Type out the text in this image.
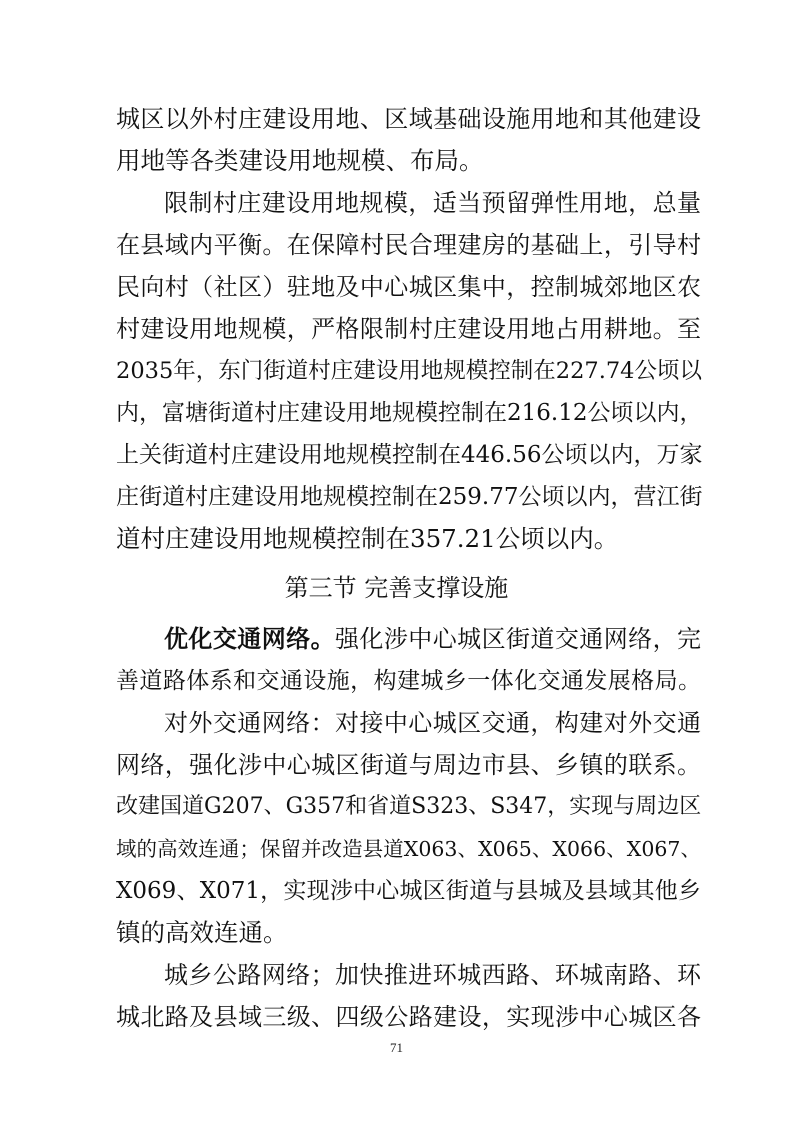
城区以外村庄建设用地、区域基础设施用地和其他建设
用地等各类建设用地规模、布局。
限制村庄建设用地规模，适当预留弹性用地，总量
在县域内平衡。在保障村民合理建房的基础上，引导村
民向村（社区）驻地及中心城区集中，控制城郊地区农
村建设用地规模，严格限制村庄建设用地占用耕地。至
2035年，东门街道村庄建设用地规模控制在227.74公顷以
内，富塘街道村庄建设用地规模控制在216.12公顷以内，
上关街道村庄建设用地规模控制在446.56公顷以内，万家
庄街道村庄建设用地规模控制在259.77公顷以内，营江街
道村庄建设用地规模控制在357.21公顷以内。
第三节 完善支撑设施
优化交通网络。强化涉中心城区街道交通网络，完
善道路体系和交通设施，构建城乡一体化交通发展格局。
对外交通网络：对接中心城区交通，构建对外交通
网络，强化涉中心城区街道与周边市县、乡镇的联系。
改建国道G207、G357和省道S323、S347，实现与周边区
域的高效连通；保留并改造县道X063、X065、X066、X067、
X069、X071，实现涉中心城区街道与县城及县域其他乡
镇的高效连通。
城乡公路网络；加快推进环城西路、环城南路、环
城北路及县域三级、四级公路建设，实现涉中心城区各
71
